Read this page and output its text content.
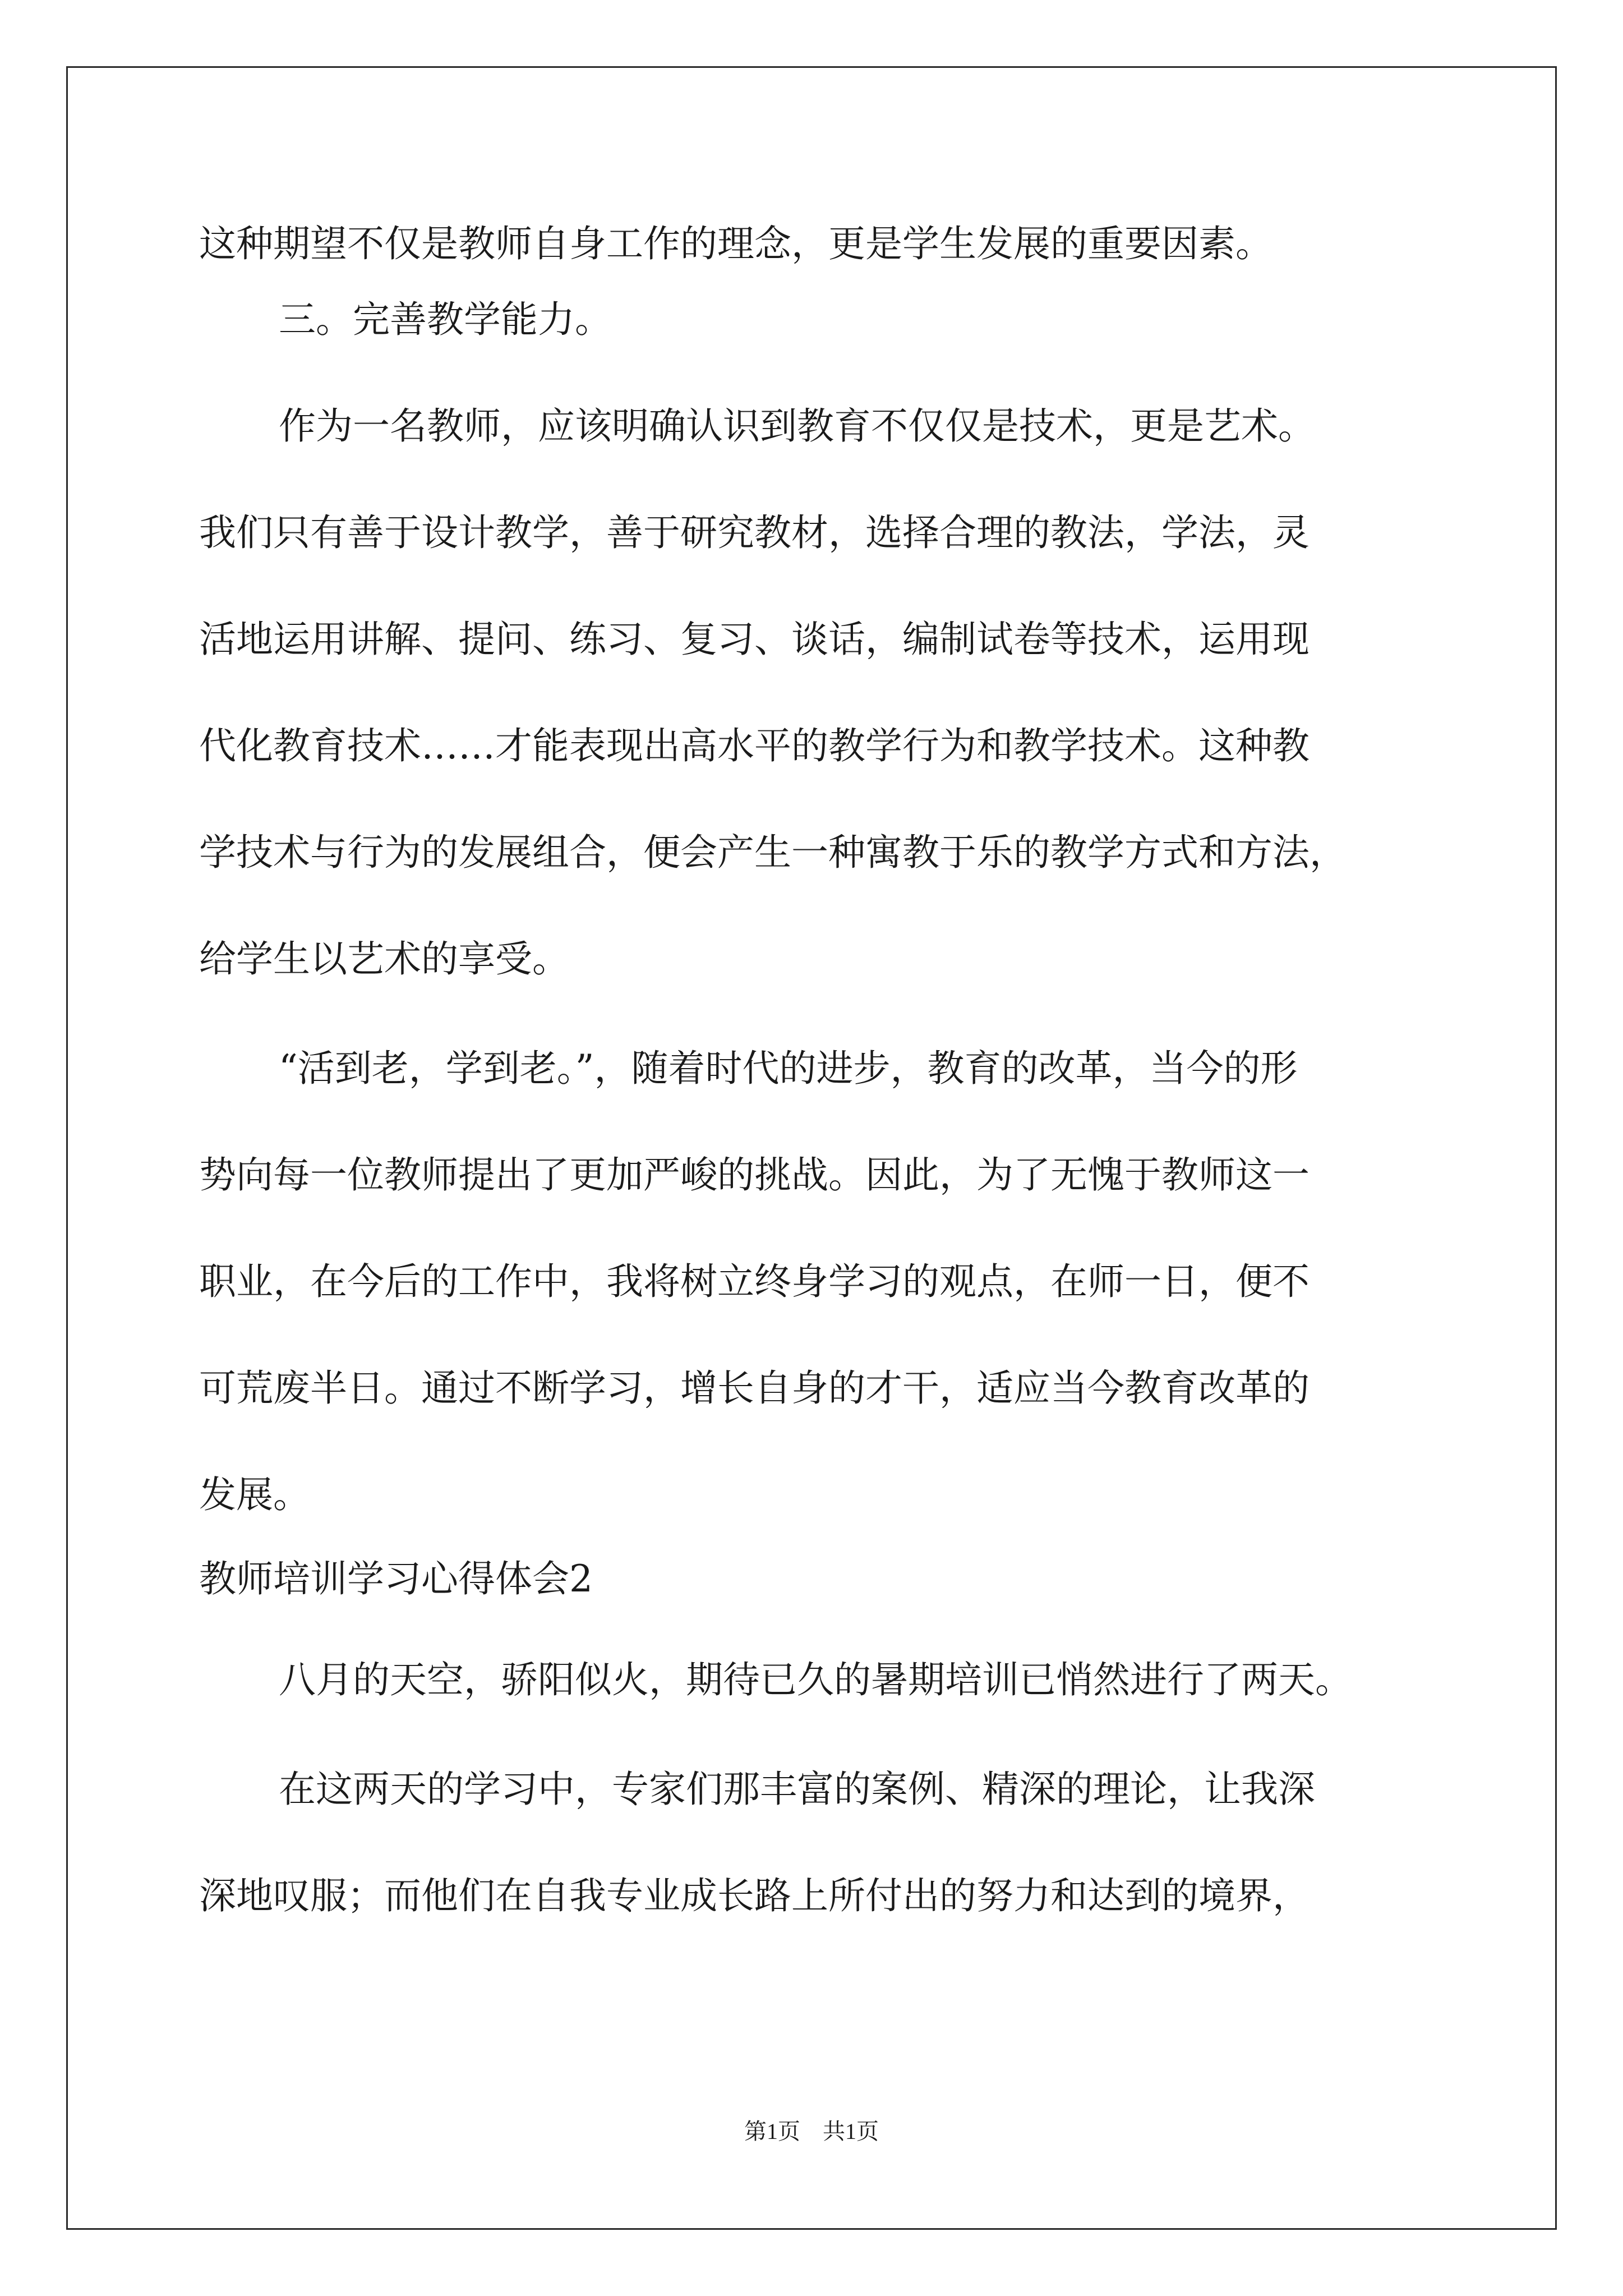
这种期望不仅是教师自身工作的理念，更是学生发展的重要因素。
三。完善教学能力。
作为一名教师，应该明确认识到教育不仅仅是技术，更是艺术。
我们只有善于设计教学，善于研究教材，选择合理的教法，学法，灵
活地运用讲解、提问、练习、复习、谈话，编制试卷等技术，运用现
代化教育技术……才能表现出高水平的教学行为和教学技术。这种教
学技术与行为的发展组合，便会产生一种寓教于乐的教学方式和方法，
给学生以艺术的享受。
“活到老，学到老。”，随着时代的进步，教育的改革，当今的形
势向每一位教师提出了更加严峻的挑战。因此，为了无愧于教师这一
职业，在今后的工作中，我将树立终身学习的观点，在师一日，便不
可荒废半日。通过不断学习，增长自身的才干，适应当今教育改革的
发展。
教师培训学习心得体会2
八月的天空，骄阳似火，期待已久的暑期培训已悄然进行了两天。
在这两天的学习中，专家们那丰富的案例、精深的理论，让我深
深地叹服；而他们在自我专业成长路上所付出的努力和达到的境界，
第1页　共1页
